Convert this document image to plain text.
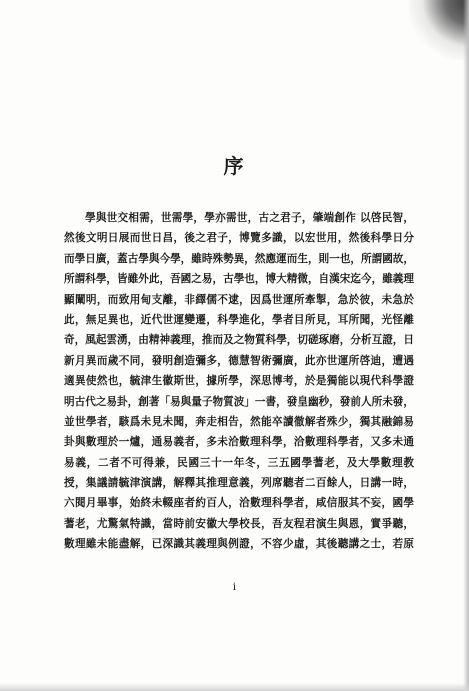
序
學與世交相需，世需學，學亦需世，古之君子，肇端創作 以啓民智，
然後文明日展而世日昌，後之君子，博覽多識，以宏世用，然後科學日分
而學日廣，蓋古學與今學，雖時殊勢異，然應運而生，則一也，所謂國故，
所謂科學，皆雖外此，吾國之易，古學也，博大精微，自漢宋迄今，雖義理
顯闡明，而致用甸支離，非繹儒不逮，因爲世運所牽掣，急於彼，未急於
此，無足異也，近代世運變遷，科學進化，學者目所見，耳所聞，光怪離
奇，風起雲湧，由精神義理，推而及之物質科學，切磋琢磨，分析互證，日
新月異而歲不同，發明創造彌多，德慧智術彌廣，此亦世運所啓迪，遭遇
適異使然也，毓津生徽斯世，據所學，深思博考，於是獨能以現代科學證
明古代之易卦，創著「易與量子物質波」一書，發皇幽秒，發前人所未發，
並世學者，駭爲未見未聞，奔走相告，然能卒讀徹解者殊少，獨其融錦易
卦與數理於一爐，通易義者，多未洽數理科學，洽數理科學者，又多未通
易義，二者不可得兼，民國三十一年冬，三五國學蓍老，及大學數理教
授，集議請毓津演講，解釋其推理意義，列席聽者二百餘人，日講一時，
六閱月畢事，始終未輟座者約百人，洽數理科學者，咸信服其不妄，國學
蓍老，尤驚氣特識，當時前安徽大學校長，吾友程君演生與恩，實爭聽，
數理雖未能盡解，已深識其義理與例證，不容少虛，其後聽講之士，若原
i
